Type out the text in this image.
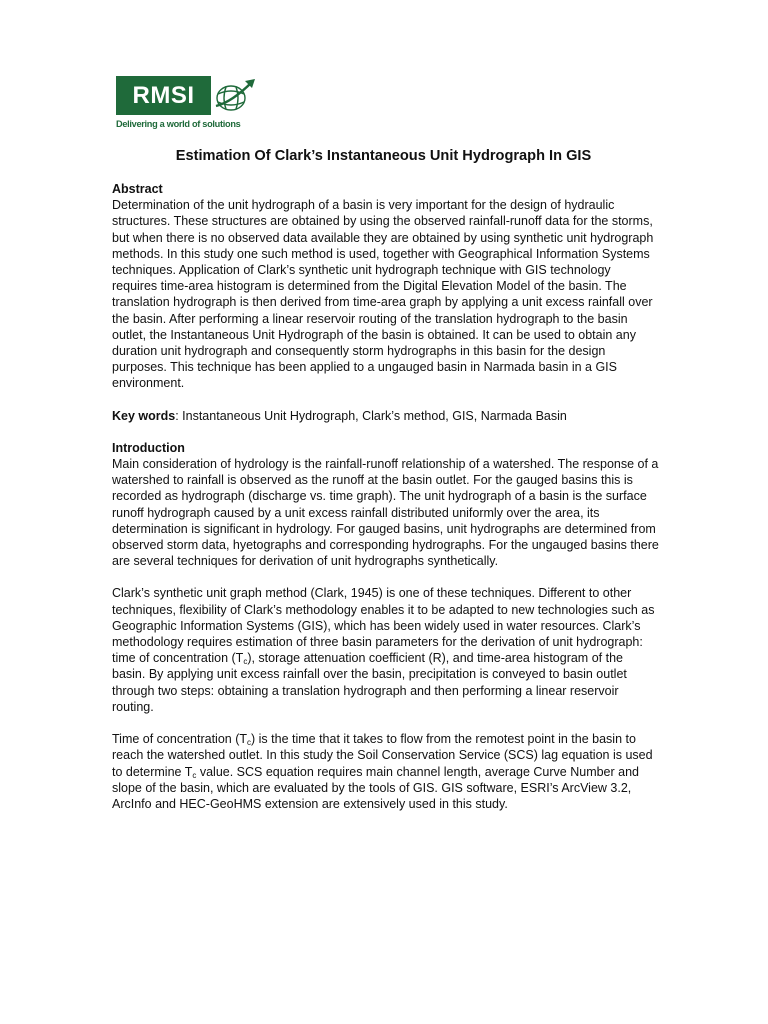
RMSI
Delivering a world of solutions
Estimation Of Clark’s Instantaneous Unit Hydrograph In GIS

Abstract
Determination of the unit hydrograph of a basin is very important for the design of hydraulic structures. These structures are obtained by using the observed rainfall-runoff data for the storms, but when there is no observed data available they are obtained by using synthetic unit hydrograph methods. In this study one such method is used, together with Geographical Information Systems techniques. Application of Clark’s synthetic unit hydrograph technique with GIS technology requires time-area histogram is determined from the Digital Elevation Model of the basin. The translation hydrograph is then derived from time-area graph by applying a unit excess rainfall over the basin. After performing a linear reservoir routing of the translation hydrograph to the basin outlet, the Instantaneous Unit Hydrograph of the basin is obtained. It can be used to obtain any duration unit hydrograph and consequently storm hydrographs in this basin for the design purposes. This technique has been applied to a ungauged basin in Narmada basin in a GIS environment.

Key words: Instantaneous Unit Hydrograph, Clark’s method, GIS, Narmada Basin

Introduction
Main consideration of hydrology is the rainfall-runoff relationship of a watershed. The response of a watershed to rainfall is observed as the runoff at the basin outlet. For the gauged basins this is recorded as hydrograph (discharge vs. time graph). The unit hydrograph of a basin is the surface runoff hydrograph caused by a unit excess rainfall distributed uniformly over the area, its determination is significant in hydrology. For gauged basins, unit hydrographs are determined from observed storm data, hyetographs and corresponding hydrographs. For the ungauged basins there are several techniques for derivation of unit hydrographs synthetically.

Clark’s synthetic unit graph method (Clark, 1945) is one of these techniques. Different to other techniques, flexibility of Clark’s methodology enables it to be adapted to new technologies such as Geographic Information Systems (GIS), which has been widely used in water resources. Clark’s methodology requires estimation of three basin parameters for the derivation of unit hydrograph: time of concentration $(T_c)$, storage attenuation coefficient (R), and time-area histogram of the basin. By applying unit excess rainfall over the basin, precipitation is conveyed to basin outlet through two steps: obtaining a translation hydrograph and then performing a linear reservoir routing.

Time of concentration $(T_c)$ is the time that it takes to flow from the remotest point in the basin to reach the watershed outlet. In this study the Soil Conservation Service (SCS) lag equation is used to determine $T_c$ value. SCS equation requires main channel length, average Curve Number and slope of the basin, which are evaluated by the tools of GIS. GIS software, ESRI’s ArcView 3.2, ArcInfo and HEC-GeoHMS extension are extensively used in this study.
